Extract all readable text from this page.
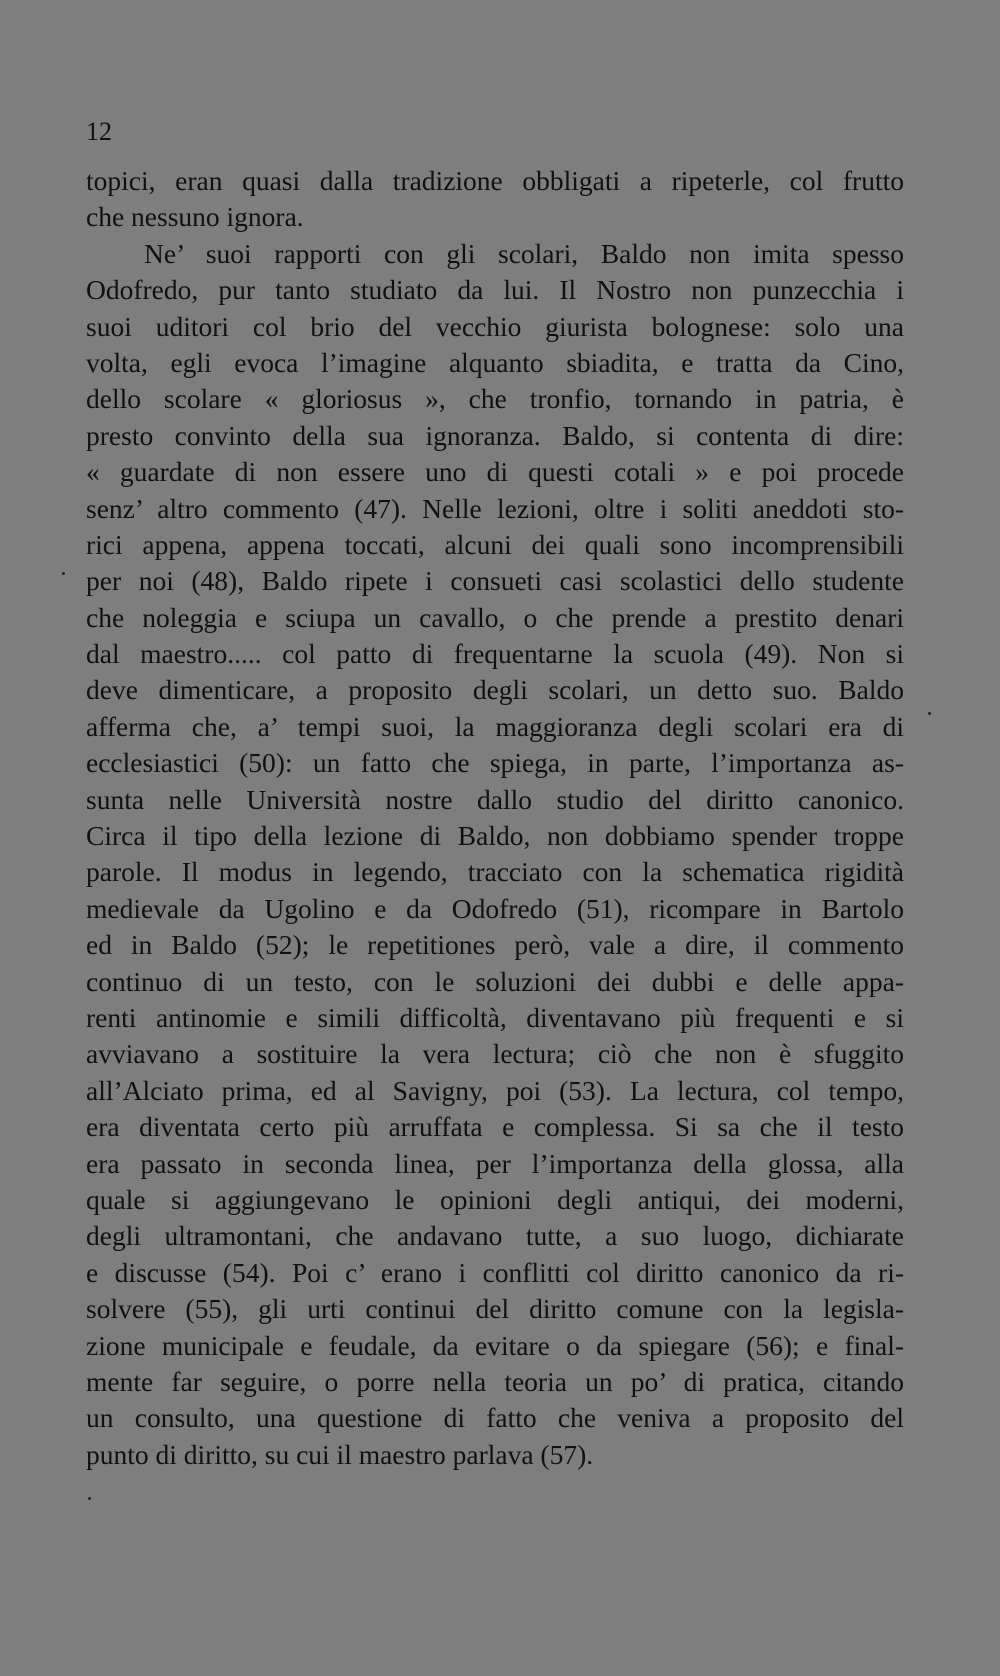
12
topici, eran quasi dalla tradizione obbligati a ripeterle, col frutto
che nessuno ignora.
Ne’ suoi rapporti con gli scolari, Baldo non imita spesso
Odofredo, pur tanto studiato da lui. Il Nostro non punzecchia i
suoi uditori col brio del vecchio giurista bolognese: solo una
volta, egli evoca l’imagine alquanto sbiadita, e tratta da Cino,
dello scolare « gloriosus », che tronfio, tornando in patria, è
presto convinto della sua ignoranza. Baldo, si contenta di dire:
« guardate di non essere uno di questi cotali » e poi procede
senz’ altro commento (47). Nelle lezioni, oltre i soliti aneddoti sto-
rici appena, appena toccati, alcuni dei quali sono incomprensibili
per noi (48), Baldo ripete i consueti casi scolastici dello studente
che noleggia e sciupa un cavallo, o che prende a prestito denari
dal maestro..... col patto di frequentarne la scuola (49). Non si
deve dimenticare, a proposito degli scolari, un detto suo. Baldo
afferma che, a’ tempi suoi, la maggioranza degli scolari era di
ecclesiastici (50): un fatto che spiega, in parte, l’importanza as-
sunta nelle Università nostre dallo studio del diritto canonico.
Circa il tipo della lezione di Baldo, non dobbiamo spender troppe
parole. Il modus in legendo, tracciato con la schematica rigidità
medievale da Ugolino e da Odofredo (51), ricompare in Bartolo
ed in Baldo (52); le repetitiones però, vale a dire, il commento
continuo di un testo, con le soluzioni dei dubbi e delle appa-
renti antinomie e simili difficoltà, diventavano più frequenti e si
avviavano a sostituire la vera lectura; ciò che non è sfuggito
all’Alciato prima, ed al Savigny, poi (53). La lectura, col tempo,
era diventata certo più arruffata e complessa. Si sa che il testo
era passato in seconda linea, per l’importanza della glossa, alla
quale si aggiungevano le opinioni degli antiqui, dei moderni,
degli ultramontani, che andavano tutte, a suo luogo, dichiarate
e discusse (54). Poi c’ erano i conflitti col diritto canonico da ri-
solvere (55), gli urti continui del diritto comune con la legisla-
zione municipale e feudale, da evitare o da spiegare (56); e final-
mente far seguire, o porre nella teoria un po’ di pratica, citando
un consulto, una questione di fatto che veniva a proposito del
punto di diritto, su cui il maestro parlava (57).
